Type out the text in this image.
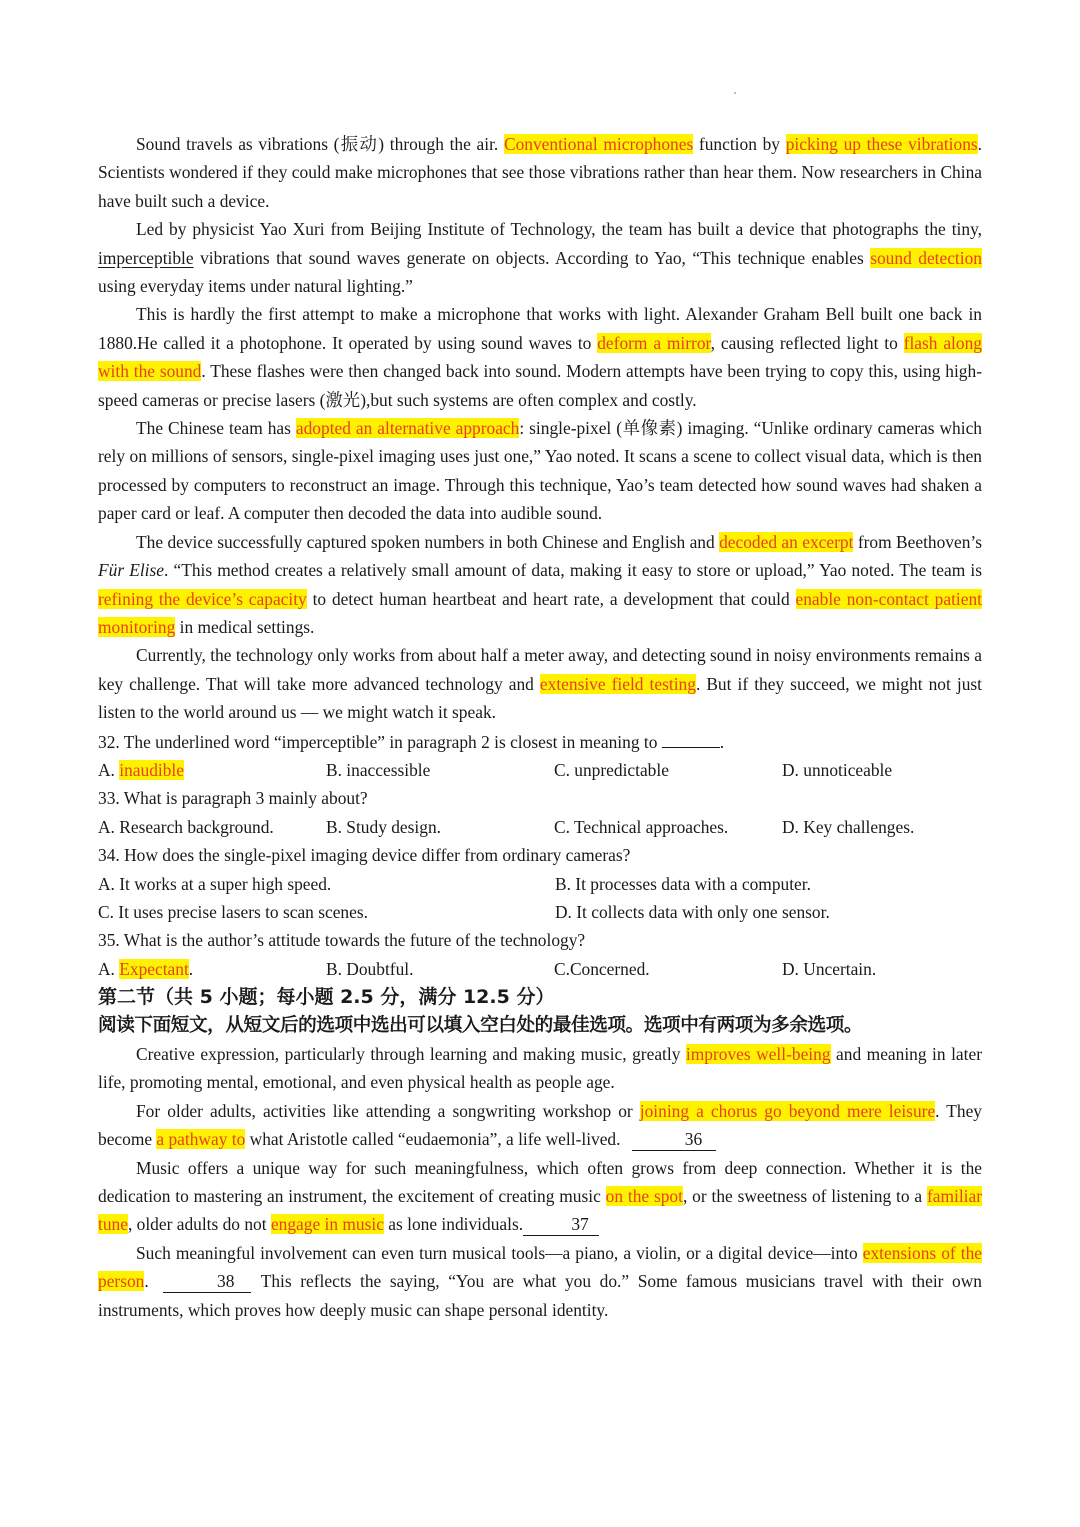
Sound travels as vibrations (振动) through the air. Conventional microphones function by picking up these vibrations. Scientists wondered if they could make microphones that see those vibrations rather than hear them. Now researchers in China have built such a device.

Led by physicist Yao Xuri from Beijing Institute of Technology, the team has built a device that photographs the tiny, imperceptible vibrations that sound waves generate on objects. According to Yao, “This technique enables sound detection using everyday items under natural lighting.”

This is hardly the first attempt to make a microphone that works with light. Alexander Graham Bell built one back in 1880.He called it a photophone. It operated by using sound waves to deform a mirror, causing reflected light to flash along with the sound. These flashes were then changed back into sound. Modern attempts have been trying to copy this, using high-speed cameras or precise lasers (激光),but such systems are often complex and costly.

The Chinese team has adopted an alternative approach: single-pixel (单像素) imaging. “Unlike ordinary cameras which rely on millions of sensors, single-pixel imaging uses just one,” Yao noted. It scans a scene to collect visual data, which is then processed by computers to reconstruct an image. Through this technique, Yao’s team detected how sound waves had shaken a paper card or leaf. A computer then decoded the data into audible sound.

The device successfully captured spoken numbers in both Chinese and English and decoded an excerpt from Beethoven’s Für Elise. “This method creates a relatively small amount of data, making it easy to store or upload,” Yao noted. The team is refining the device’s capacity to detect human heartbeat and heart rate, a development that could enable non-contact patient monitoring in medical settings.

Currently, the technology only works from about half a meter away, and detecting sound in noisy environments remains a key challenge. That will take more advanced technology and extensive field testing. But if they succeed, we might not just listen to the world around us — we might watch it speak.

32. The underlined word “imperceptible” in paragraph 2 is closest in meaning to	.

A. inaudible	B. inaccessible	C. unpredictable	D. unnoticeable

33. What is paragraph 3 mainly about?

A. Research background.	B. Study design.	C. Technical approaches.	D. Key challenges.

34. How does the single-pixel imaging device differ from ordinary cameras?

A. It works at a super high speed.	B. It processes data with a computer.
C. It uses precise lasers to scan scenes.	D. It collects data with only one sensor.

35. What is the author’s attitude towards the future of the technology?

A. Expectant.	B. Doubtful.	C.Concerned.	D. Uncertain.

第二节（共 5 小题；每小题 2.5 分，满分 12.5 分）

阅读下面短文，从短文后的选项中选出可以填入空白处的最佳选项。选项中有两项为多余选项。

Creative expression, particularly through learning and making music, greatly improves well-being and meaning in later life, promoting mental, emotional, and even physical health as people age.

For older adults, activities like attending a songwriting workshop or joining a chorus go beyond mere leisure. They become a pathway to what Aristotle called “eudaemonia”, a life well-lived.	36

Music offers a unique way for such meaningfulness, which often grows from deep connection. Whether it is the dedication to mastering an instrument, the excitement of creating music on the spot, or the sweetness of listening to a familiar tune, older adults do not engage in music as lone individuals.	37

Such meaningful involvement can even turn musical tools—a piano, a violin, or a digital device—into extensions of the person.	38 This reflects the saying, “You are what you do.” Some famous musicians travel with their own instruments, which proves how deeply music can shape personal identity.
